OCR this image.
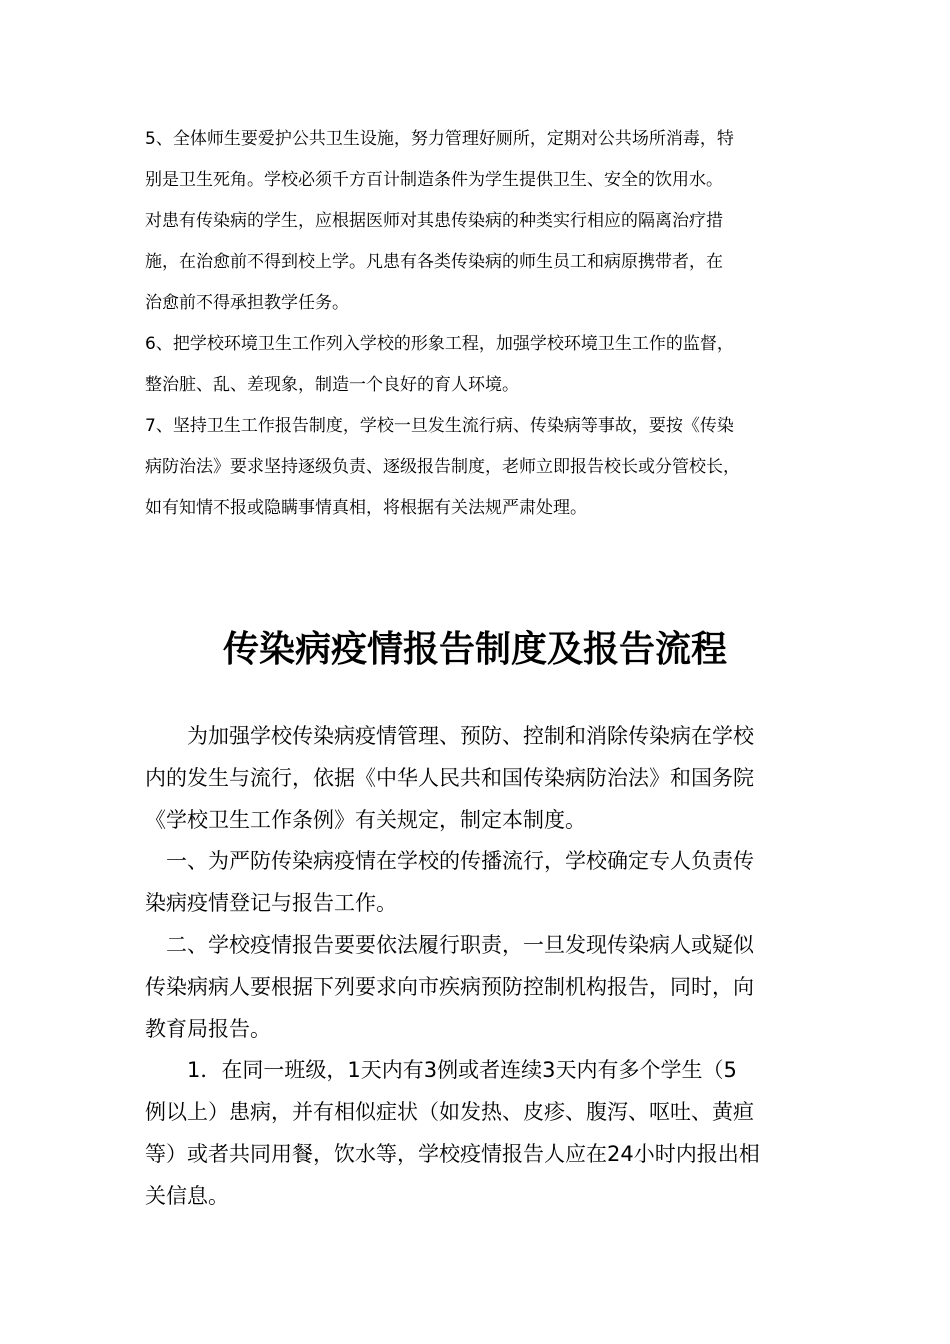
5、全体师生要爱护公共卫生设施，努力管理好厕所，定期对公共场所消毒，特

别是卫生死角。学校必须千方百计制造条件为学生提供卫生、安全的饮用水。

对患有传染病的学生，应根据医师对其患传染病的种类实行相应的隔离治疗措

施，在治愈前不得到校上学。凡患有各类传染病的师生员工和病原携带者，在

治愈前不得承担教学任务。

6、把学校环境卫生工作列入学校的形象工程，加强学校环境卫生工作的监督，

整治脏、乱、差现象，制造一个良好的育人环境。

7、坚持卫生工作报告制度，学校一旦发生流行病、传染病等事故，要按《传染

病防治法》要求坚持逐级负责、逐级报告制度，老师立即报告校长或分管校长，

如有知情不报或隐瞒事情真相，将根据有关法规严肃处理。

传染病疫情报告制度及报告流程

　　为加强学校传染病疫情管理、预防、控制和消除传染病在学校

内的发生与流行，依据《中华人民共和国传染病防治法》和国务院

《学校卫生工作条例》有关规定，制定本制度。

　一、为严防传染病疫情在学校的传播流行，学校确定专人负责传

染病疫情登记与报告工作。

　二、学校疫情报告要要依法履行职责，一旦发现传染病人或疑似

传染病病人要根据下列要求向市疾病预防控制机构报告，同时，向

教育局报告。

　　1．在同一班级，1天内有3例或者连续3天内有多个学生（5

例以上）患病，并有相似症状（如发热、皮疹、腹泻、呕吐、黄疸

等）或者共同用餐，饮水等，学校疫情报告人应在24小时内报出相

关信息。
